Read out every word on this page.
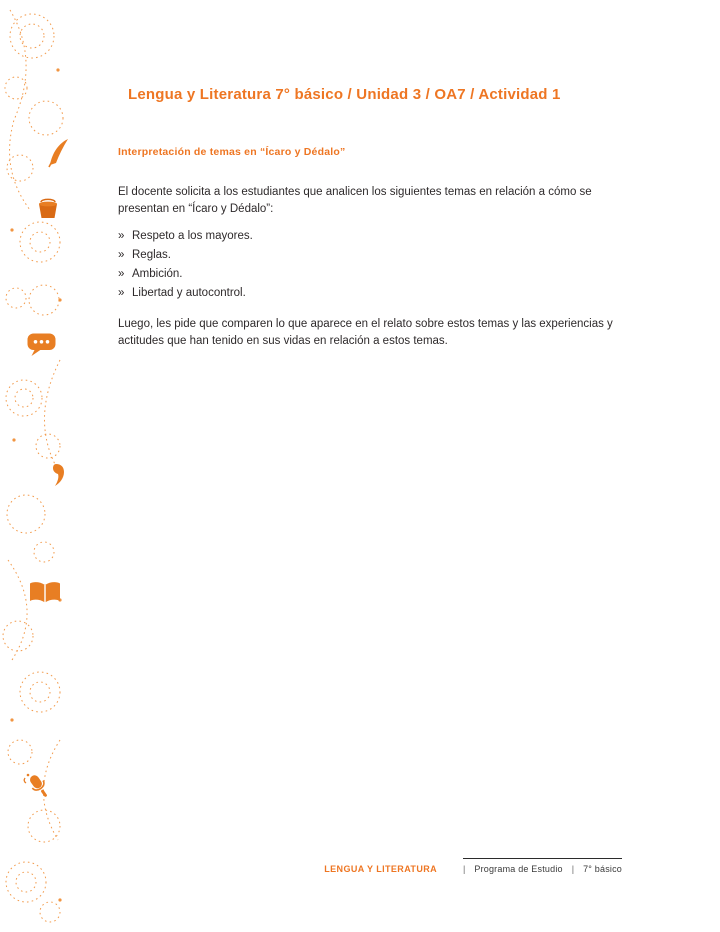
Lengua y Literatura 7° básico / Unidad 3 / OA7 / Actividad 1
Interpretación de temas en “Ícaro y Dédalo”

El docente solicita a los estudiantes que analicen los siguientes temas en relación a cómo se presentan en “Ícaro y Dédalo”:

» Respeto a los mayores.
» Reglas.
» Ambición.
» Libertad y autocontrol.

Luego, les pide que comparen lo que aparece en el relato sobre estos temas y las experiencias y actitudes que han tenido en sus vidas en relación a estos temas.

LENGUA Y LITERATURA	| Programa de Estudio | 7° básico
